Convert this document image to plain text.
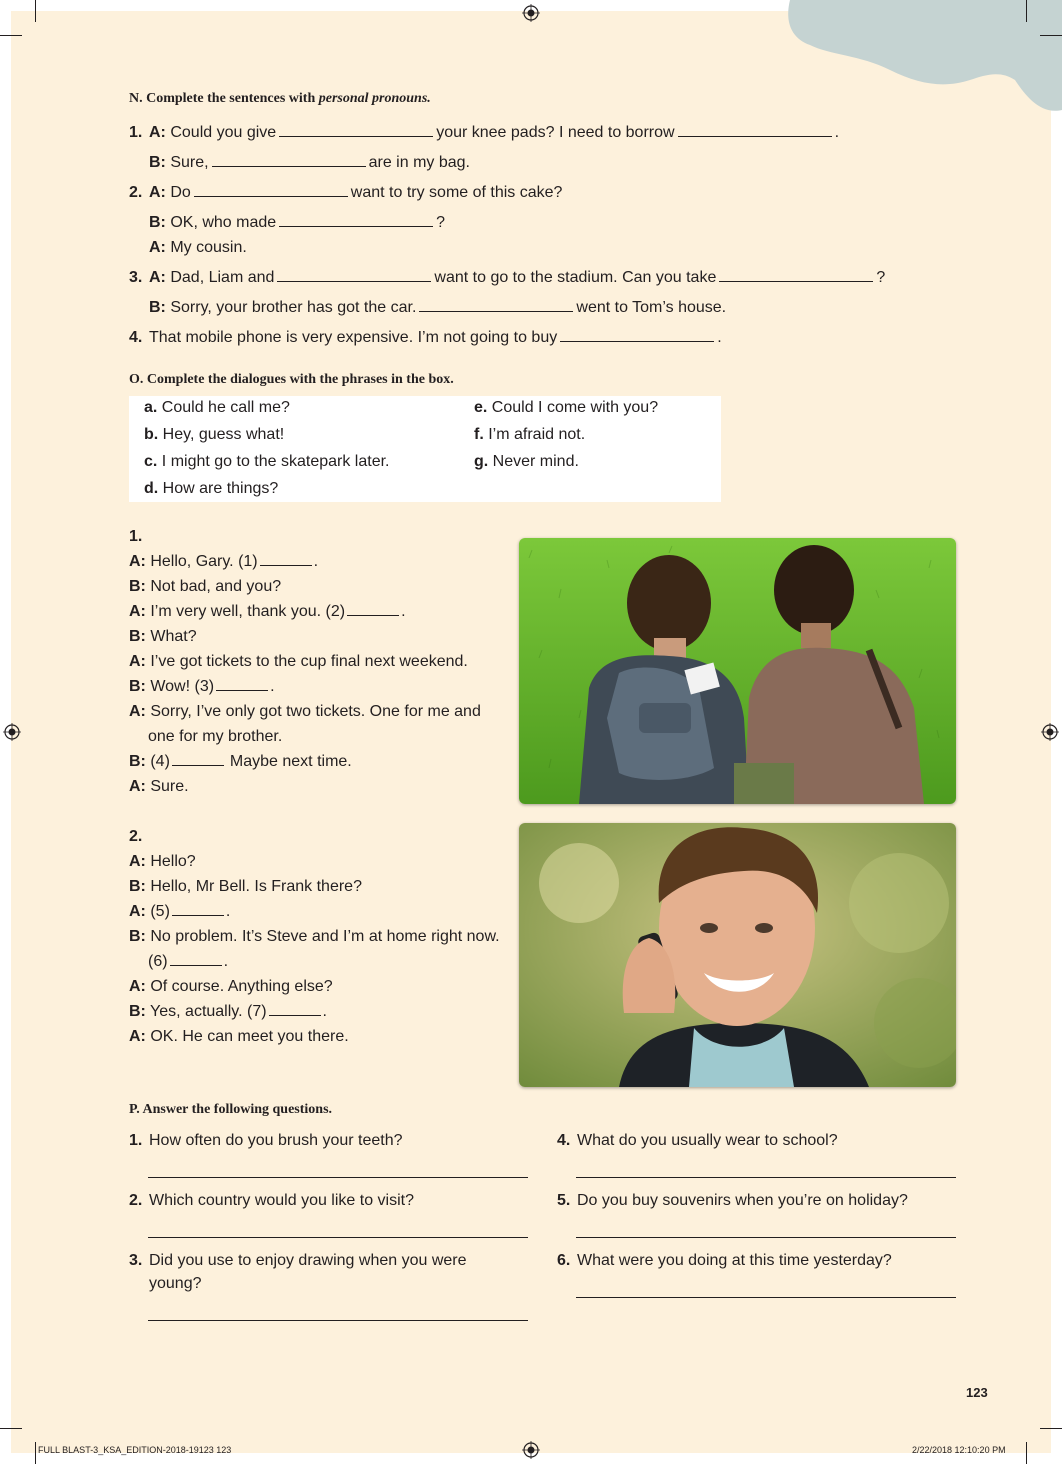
N. Complete the sentences with personal pronouns.
1. A: Could you give	your knee pads? I need to borrow	.
B: Sure,	are in my bag.
2. A: Do	want to try some of this cake?
B: OK, who made	?
A: My cousin.
3. A: Dad, Liam and	want to go to the stadium. Can you take	?
B: Sorry, your brother has got the car.	went to Tom’s house.
4. That mobile phone is very expensive. I’m not going to buy	.
O. Complete the dialogues with the phrases in the box.
a. Could he call me?
b. Hey, guess what!
c. I might go to the skatepark later.
d. How are things?
e. Could I come with you?
f. I’m afraid not.
g. Never mind.
1.
A: Hello, Gary. (1)	.
B: Not bad, and you?
A: I’m very well, thank you. (2)	.
B: What?
A: I’ve got tickets to the cup final next weekend.
B: Wow! (3)	.
A: Sorry, I’ve only got two tickets. One for me and
one for my brother.
B: (4)	Maybe next time.
A: Sure.
2.
A: Hello?
B: Hello, Mr Bell. Is Frank there?
A: (5)	.
B: No problem. It’s Steve and I’m at home right now.
(6)	.
A: Of course. Anything else?
B: Yes, actually. (7)	.
A: OK. He can meet you there.
P. Answer the following questions.
1. How often do you brush your teeth?
2. Which country would you like to visit?
3. Did you use to enjoy drawing when you were
young?
4. What do you usually wear to school?
5. Do you buy souvenirs when you’re on holiday?
6. What were you doing at this time yesterday?
123
FULL BLAST-3_KSA_EDITION-2018-19123 123	2/22/2018 12:10:20 PM
